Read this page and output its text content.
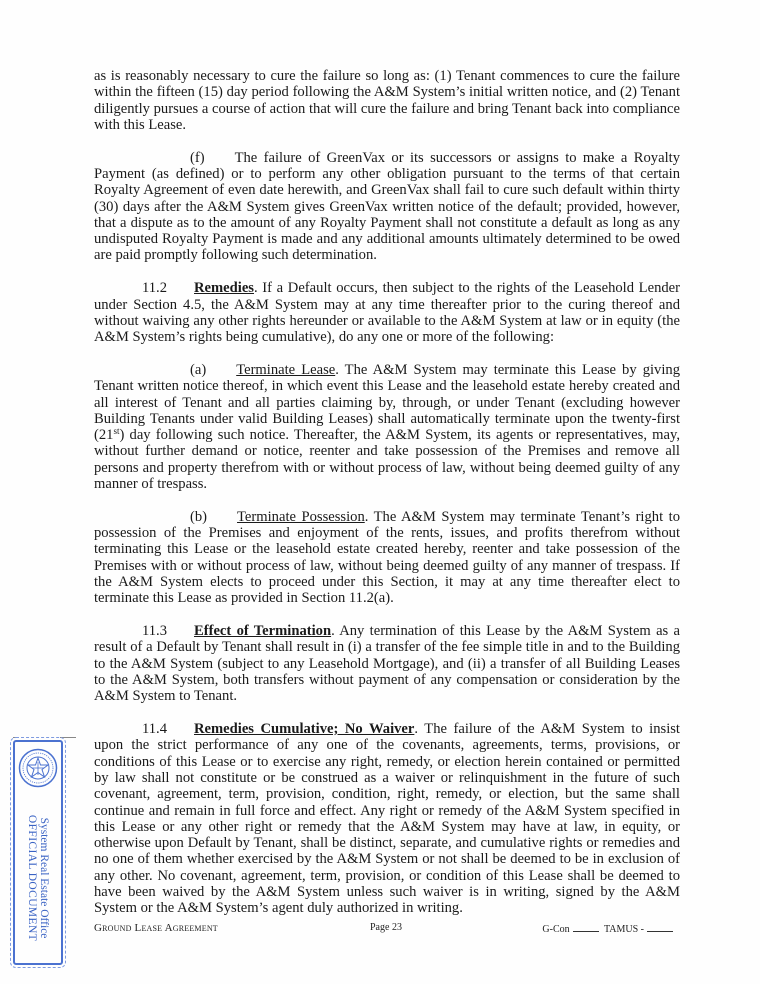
as is reasonably necessary to cure the failure so long as: (1) Tenant commences to cure the failure within the fifteen (15) day period following the A&M System’s initial written notice, and (2) Tenant diligently pursues a course of action that will cure the failure and bring Tenant back into compliance with this Lease.

(f) The failure of GreenVax or its successors or assigns to make a Royalty Payment (as defined) or to perform any other obligation pursuant to the terms of that certain Royalty Agreement of even date herewith, and GreenVax shall fail to cure such default within thirty (30) days after the A&M System gives GreenVax written notice of the default; provided, however, that a dispute as to the amount of any Royalty Payment shall not constitute a default as long as any undisputed Royalty Payment is made and any additional amounts ultimately determined to be owed are paid promptly following such determination.

11.2 Remedies. If a Default occurs, then subject to the rights of the Leasehold Lender under Section 4.5, the A&M System may at any time thereafter prior to the curing thereof and without waiving any other rights hereunder or available to the A&M System at law or in equity (the A&M System’s rights being cumulative), do any one or more of the following:

(a) Terminate Lease. The A&M System may terminate this Lease by giving Tenant written notice thereof, in which event this Lease and the leasehold estate hereby created and all interest of Tenant and all parties claiming by, through, or under Tenant (excluding however Building Tenants under valid Building Leases) shall automatically terminate upon the twenty-first (21st) day following such notice. Thereafter, the A&M System, its agents or representatives, may, without further demand or notice, reenter and take possession of the Premises and remove all persons and property therefrom with or without process of law, without being deemed guilty of any manner of trespass.

(b) Terminate Possession. The A&M System may terminate Tenant’s right to possession of the Premises and enjoyment of the rents, issues, and profits therefrom without terminating this Lease or the leasehold estate created hereby, reenter and take possession of the Premises with or without process of law, without being deemed guilty of any manner of trespass. If the A&M System elects to proceed under this Section, it may at any time thereafter elect to terminate this Lease as provided in Section 11.2(a).

11.3 Effect of Termination. Any termination of this Lease by the A&M System as a result of a Default by Tenant shall result in (i) a transfer of the fee simple title in and to the Building to the A&M System (subject to any Leasehold Mortgage), and (ii) a transfer of all Building Leases to the A&M System, both transfers without payment of any compensation or consideration by the A&M System to Tenant.

11.4 Remedies Cumulative; No Waiver. The failure of the A&M System to insist upon the strict performance of any one of the covenants, agreements, terms, provisions, or conditions of this Lease or to exercise any right, remedy, or election herein contained or permitted by law shall not constitute or be construed as a waiver or relinquishment in the future of such covenant, agreement, term, provision, condition, right, remedy, or election, but the same shall continue and remain in full force and effect. Any right or remedy of the A&M System specified in this Lease or any other right or remedy that the A&M System may have at law, in equity, or otherwise upon Default by Tenant, shall be distinct, separate, and cumulative rights or remedies and no one of them whether exercised by the A&M System or not shall be deemed to be in exclusion of any other. No covenant, agreement, term, provision, or condition of this Lease shall be deemed to have been waived by the A&M System unless such waiver is in writing, signed by the A&M System or the A&M System’s agent duly authorized in writing.

System Real Estate Office
OFFICIAL DOCUMENT	Ground Lease Agreement	Page 23	G-Con	TAMUS -
